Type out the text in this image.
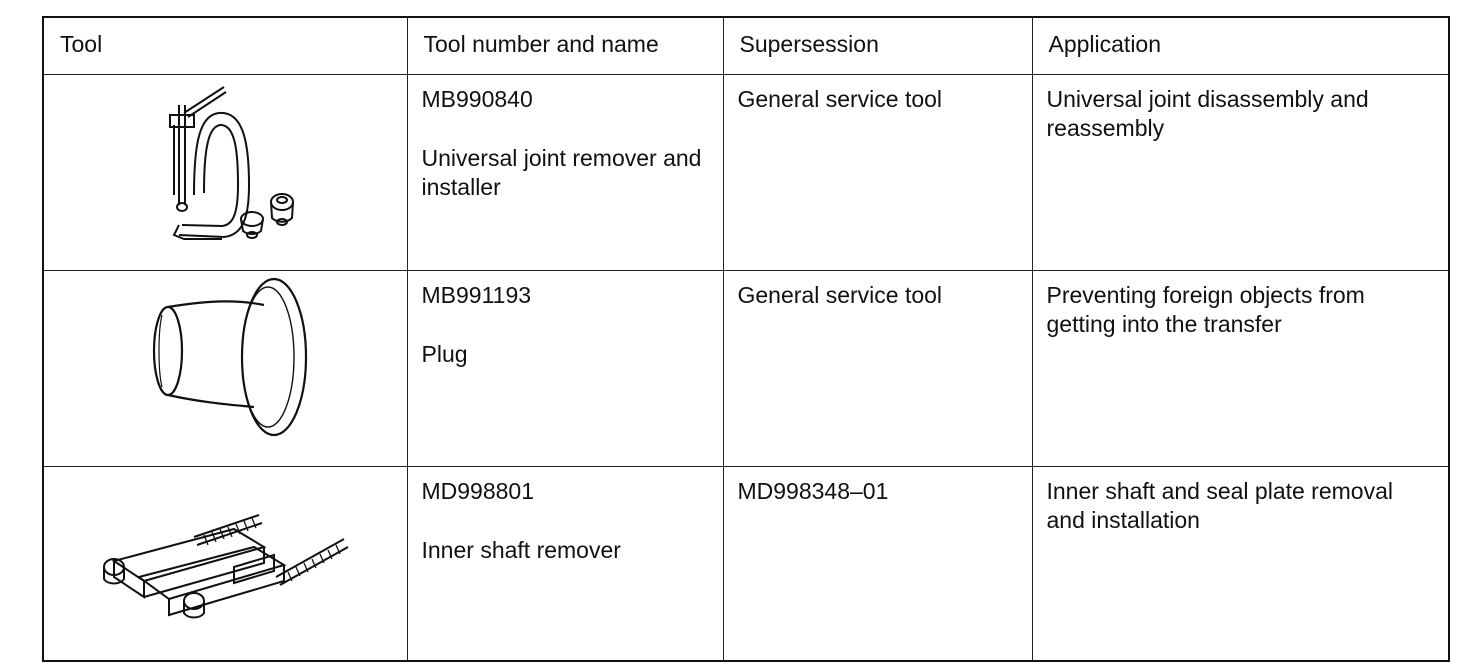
Tool	Tool number and name	Supersession	Application

MB990840
Universal joint remover and installer	General service tool	Universal joint disassembly and reassembly

MB991193
Plug	General service tool	Preventing foreign objects from getting into the transfer

MD998801
Inner shaft remover	MD998348–01	Inner shaft and seal plate removal and installation
